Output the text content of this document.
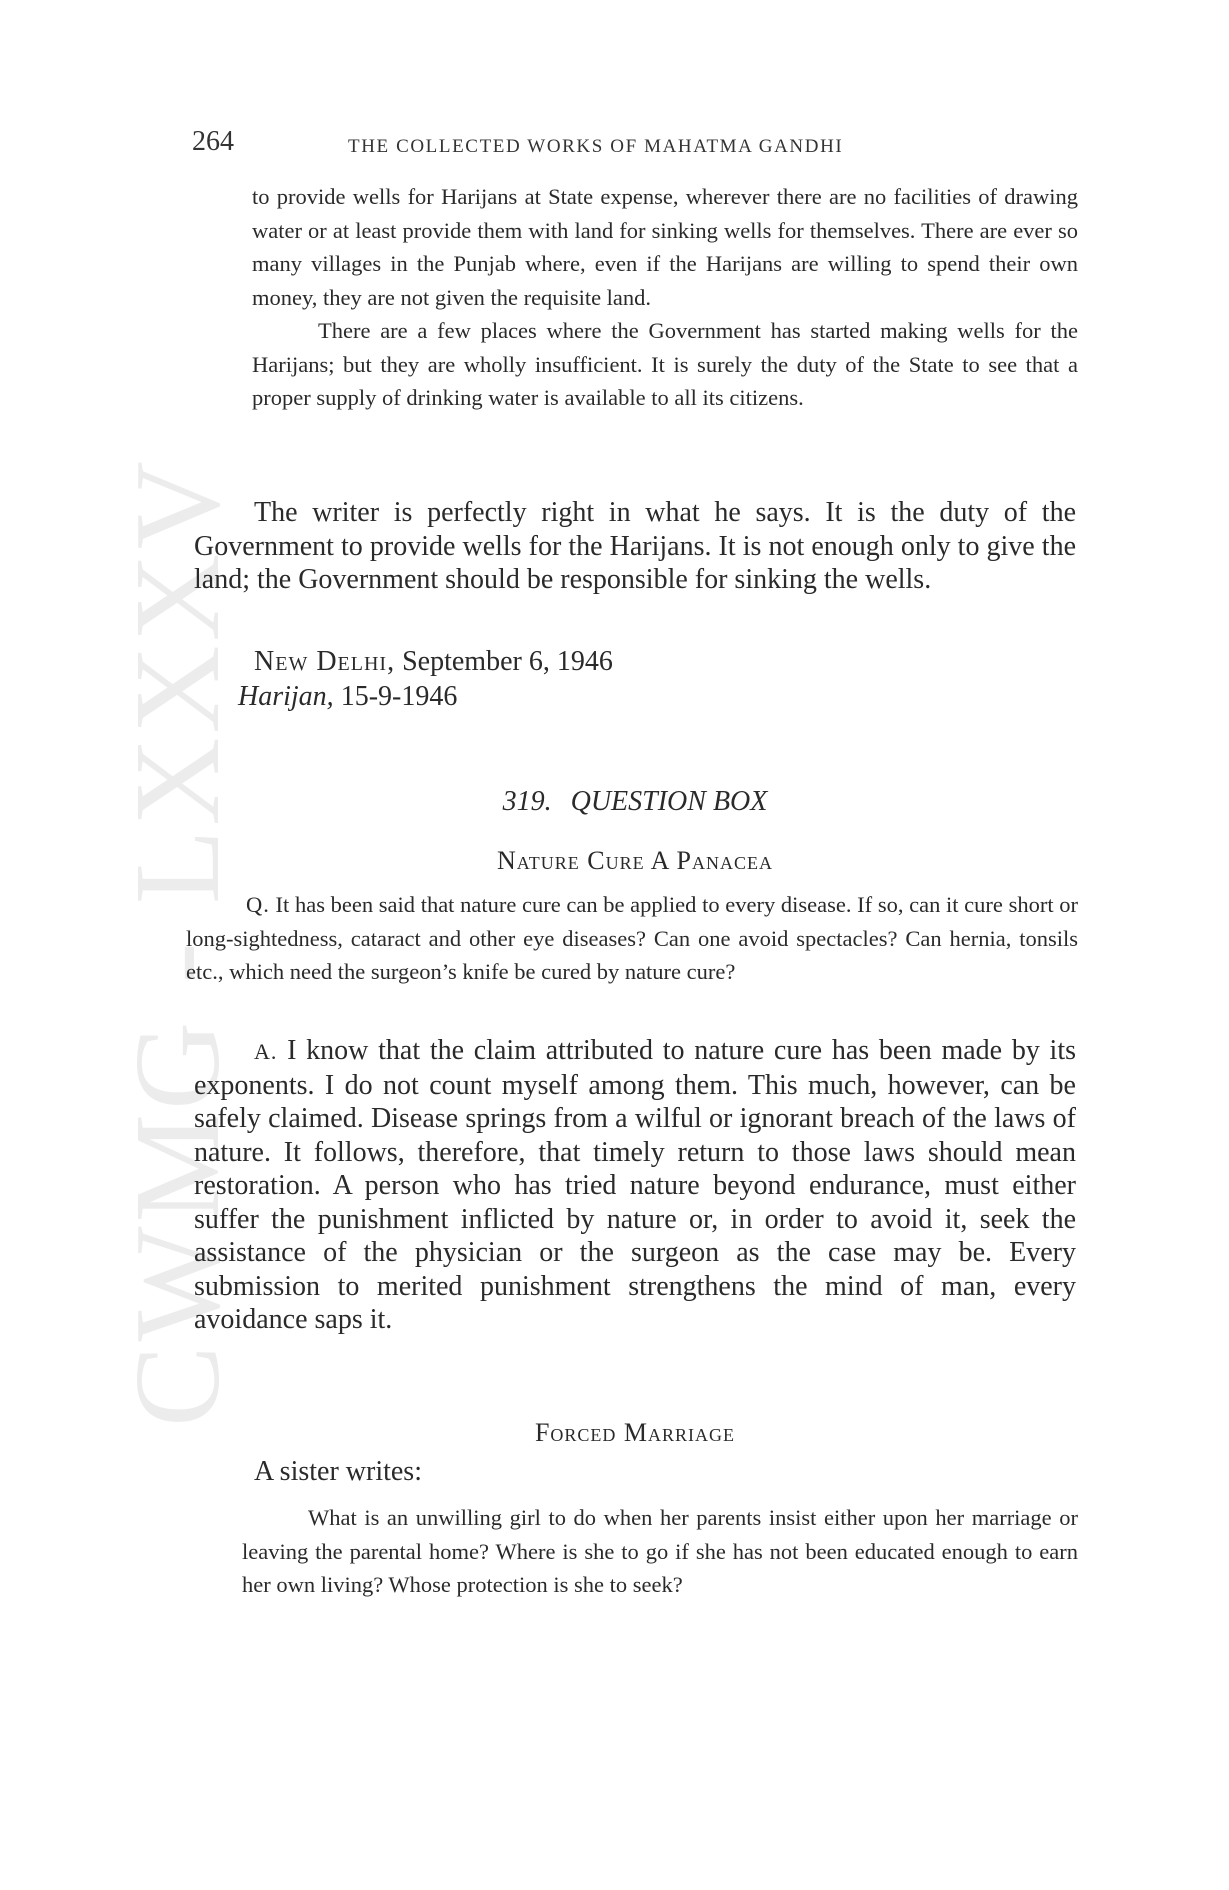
CWMG - LXXXV
264	THE COLLECTED WORKS OF MAHATMA GANDHI

to provide wells for Harijans at State expense, wherever there are no facilities of drawing water or at least provide them with land for sinking wells for themselves. There are ever so many villages in the Punjab where, even if the Harijans are willing to spend their own money, they are not given the requisite land.

There are a few places where the Government has started making wells for the Harijans; but they are wholly insufficient. It is surely the duty of the State to see that a proper supply of drinking water is available to all its citizens.

The writer is perfectly right in what he says. It is the duty of the Government to provide wells for the Harijans. It is not enough only to give the land; the Government should be responsible for sinking the wells.

New Delhi, September 6, 1946
Harijan, 15-9-1946
319. QUESTION BOX
Nature Cure A Panacea

Q. It has been said that nature cure can be applied to every disease. If so, can it cure short or long-sightedness, cataract and other eye diseases? Can one avoid spectacles? Can hernia, tonsils etc., which need the surgeon’s knife be cured by nature cure?

A. I know that the claim attributed to nature cure has been made by its exponents. I do not count myself among them. This much, however, can be safely claimed. Disease springs from a wilful or ignorant breach of the laws of nature. It follows, therefore, that timely return to those laws should mean restoration. A person who has tried nature beyond endurance, must either suffer the punishment inflicted by nature or, in order to avoid it, seek the assistance of the physician or the surgeon as the case may be. Every submission to merited punishment strengthens the mind of man, every avoidance saps it.

Forced Marriage
A sister writes:

What is an unwilling girl to do when her parents insist either upon her marriage or leaving the parental home? Where is she to go if she has not been educated enough to earn her own living? Whose protection is she to seek?
